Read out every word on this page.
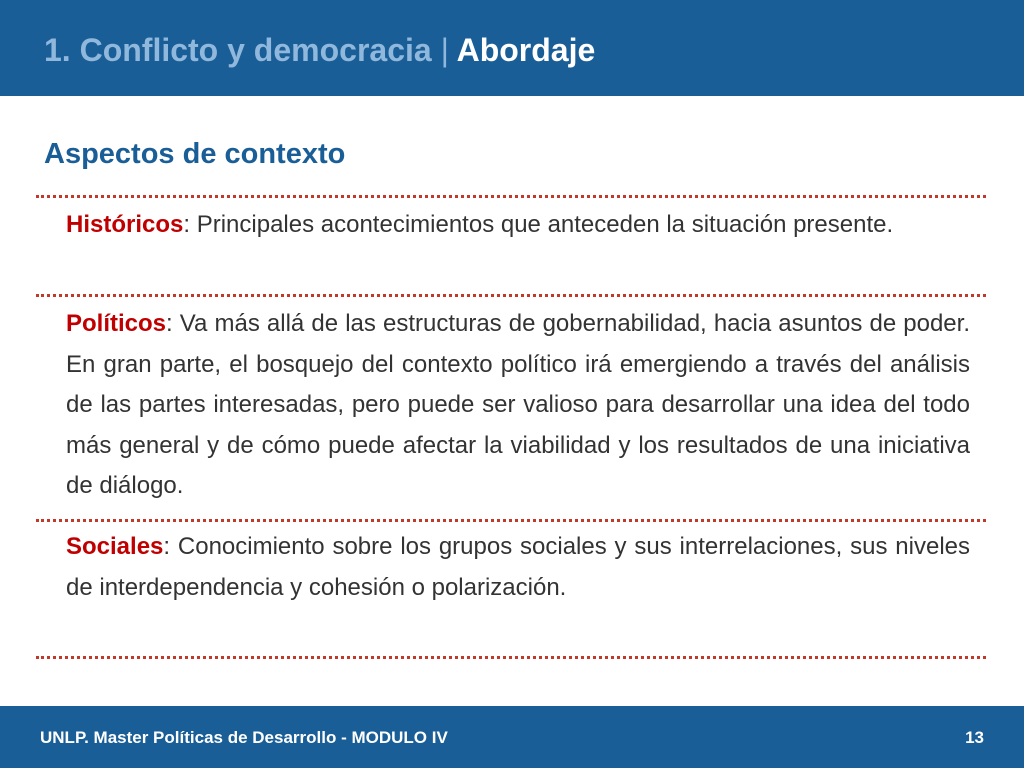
1. Conflicto y democracia | Abordaje
Aspectos de contexto
Históricos: Principales acontecimientos que anteceden la situación presente.
Políticos: Va más allá de las estructuras de gobernabilidad, hacia asuntos de poder. En gran parte, el bosquejo del contexto político irá emergiendo a través del análisis de las partes interesadas, pero puede ser valioso para desarrollar una idea del todo más general y de cómo puede afectar la viabilidad y los resultados de una iniciativa de diálogo.
Sociales: Conocimiento sobre los grupos sociales y sus interrelaciones, sus niveles de interdependencia y cohesión o polarización.
UNLP. Master Políticas de Desarrollo - MODULO IV	13
